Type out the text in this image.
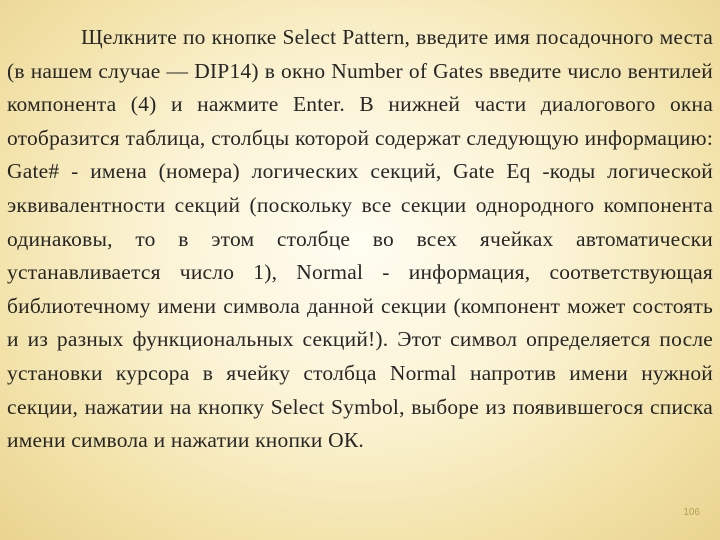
Щелкните по кнопке Select Pattern, введите имя посадочного места (в нашем случае — DIP14) в окно Number of Gates введите число вентилей компонента (4) и нажмите Enter. В нижней части диалогового окна отобразится таблица, столбцы которой содержат следующую информацию: Gate# - имена (номера) логических секций, Gate Eq -коды логической эквивалентности секций (поскольку все секции однородного компонента одинаковы, то в этом столбце во всех ячейках автоматически устанавливается число 1), Normal - информация, соответствующая библиотечному имени символа данной секции (компонент может состоять и из разных функциональных секций!). Этот символ определяется после установки курсора в ячейку столбца Normal напротив имени нужной секции, нажатии на кнопку Select Symbol, выборе из появившегося списка имени символа и нажатии кнопки ОК.

106
